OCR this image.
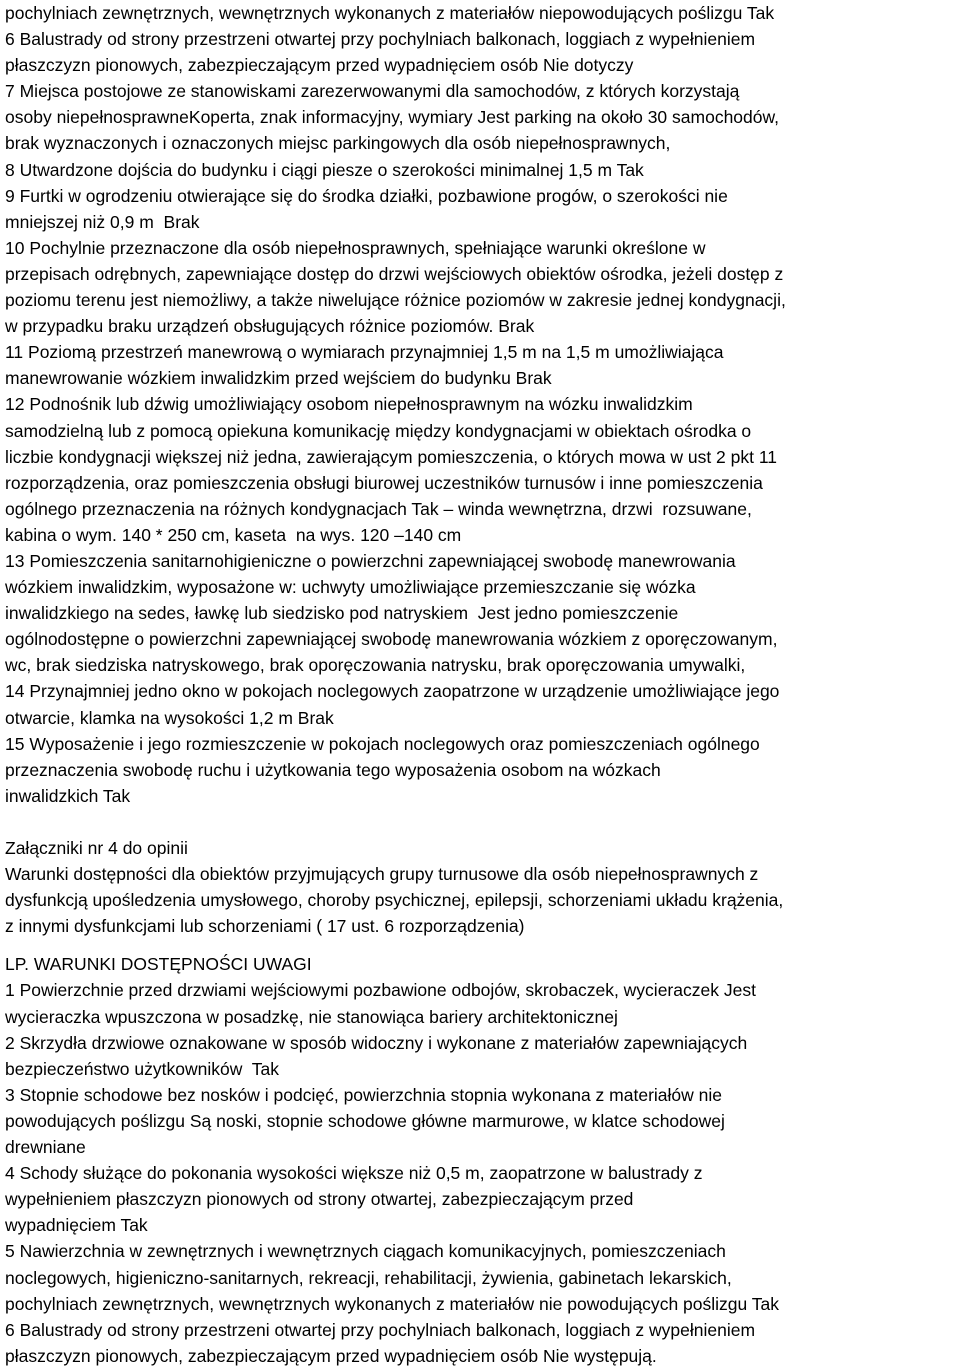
pochylniach zewnętrznych, wewnętrznych wykonanych z materiałów niepowodujących poślizgu Tak
6 Balustrady od strony przestrzeni otwartej przy pochylniach balkonach, loggiach z wypełnieniem
płaszczyzn pionowych, zabezpieczającym przed wypadnięciem osób Nie dotyczy
7 Miejsca postojowe ze stanowiskami zarezerwowanymi dla samochodów, z których korzystają
osoby niepełnosprawneKoperta, znak informacyjny, wymiary Jest parking na około 30 samochodów,
brak wyznaczonych i oznaczonych miejsc parkingowych dla osób niepełnosprawnych,
8 Utwardzone dojścia do budynku i ciągi piesze o szerokości minimalnej 1,5 m Tak
9 Furtki w ogrodzeniu otwierające się do środka działki, pozbawione progów, o szerokości nie
mniejszej niż 0,9 m  Brak
10 Pochylnie przeznaczone dla osób niepełnosprawnych, spełniające warunki określone w
przepisach odrębnych, zapewniające dostęp do drzwi wejściowych obiektów ośrodka, jeżeli dostęp z
poziomu terenu jest niemożliwy, a także niwelujące różnice poziomów w zakresie jednej kondygnacji,
w przypadku braku urządzeń obsługujących różnice poziomów. Brak
11 Poziomą przestrzeń manewrową o wymiarach przynajmniej 1,5 m na 1,5 m umożliwiająca
manewrowanie wózkiem inwalidzkim przed wejściem do budynku Brak
12 Podnośnik lub dźwig umożliwiający osobom niepełnosprawnym na wózku inwalidzkim
samodzielną lub z pomocą opiekuna komunikację między kondygnacjami w obiektach ośrodka o
liczbie kondygnacji większej niż jedna, zawierającym pomieszczenia, o których mowa w ust 2 pkt 11
rozporządzenia, oraz pomieszczenia obsługi biurowej uczestników turnusów i inne pomieszczenia
ogólnego przeznaczenia na różnych kondygnacjach Tak – winda wewnętrzna, drzwi  rozsuwane,
kabina o wym. 140 * 250 cm, kaseta  na wys. 120 –140 cm
13 Pomieszczenia sanitarnohigieniczne o powierzchni zapewniającej swobodę manewrowania
wózkiem inwalidzkim, wyposażone w: uchwyty umożliwiające przemieszczanie się wózka
inwalidzkiego na sedes, ławkę lub siedzisko pod natryskiem  Jest jedno pomieszczenie
ogólnodostępne o powierzchni zapewniającej swobodę manewrowania wózkiem z oporęczowanym,
wc, brak siedziska natryskowego, brak oporęczowania natrysku, brak oporęczowania umywalki,
14 Przynajmniej jedno okno w pokojach noclegowych zaopatrzone w urządzenie umożliwiające jego
otwarcie, klamka na wysokości 1,2 m Brak
15 Wyposażenie i jego rozmieszczenie w pokojach noclegowych oraz pomieszczeniach ogólnego
przeznaczenia swobodę ruchu i użytkowania tego wyposażenia osobom na wózkach
inwalidzkich Tak
Załączniki nr 4 do opinii
Warunki dostępności dla obiektów przyjmujących grupy turnusowe dla osób niepełnosprawnych z
dysfunkcją upośledzenia umysłowego, choroby psychicznej, epilepsji, schorzeniami układu krążenia,
z innymi dysfunkcjami lub schorzeniami ( 17 ust. 6 rozporządzenia)
LP. WARUNKI DOSTĘPNOŚCI UWAGI
1 Powierzchnie przed drzwiami wejściowymi pozbawione odbojów, skrobaczek, wycieraczek Jest
wycieraczka wpuszczona w posadzkę, nie stanowiąca bariery architektonicznej
2 Skrzydła drzwiowe oznakowane w sposób widoczny i wykonane z materiałów zapewniających
bezpieczeństwo użytkowników  Tak
3 Stopnie schodowe bez nosków i podcięć, powierzchnia stopnia wykonana z materiałów nie
powodujących poślizgu Są noski, stopnie schodowe główne marmurowe, w klatce schodowej
drewniane
4 Schody służące do pokonania wysokości większe niż 0,5 m, zaopatrzone w balustrady z
wypełnieniem płaszczyzn pionowych od strony otwartej, zabezpieczającym przed
wypadnięciem Tak
5 Nawierzchnia w zewnętrznych i wewnętrznych ciągach komunikacyjnych, pomieszczeniach
noclegowych, higieniczno-sanitarnych, rekreacji, rehabilitacji, żywienia, gabinetach lekarskich,
pochylniach zewnętrznych, wewnętrznych wykonanych z materiałów nie powodujących poślizgu Tak
6 Balustrady od strony przestrzeni otwartej przy pochylniach balkonach, loggiach z wypełnieniem
płaszczyzn pionowych, zabezpieczającym przed wypadnięciem osób Nie występują.
